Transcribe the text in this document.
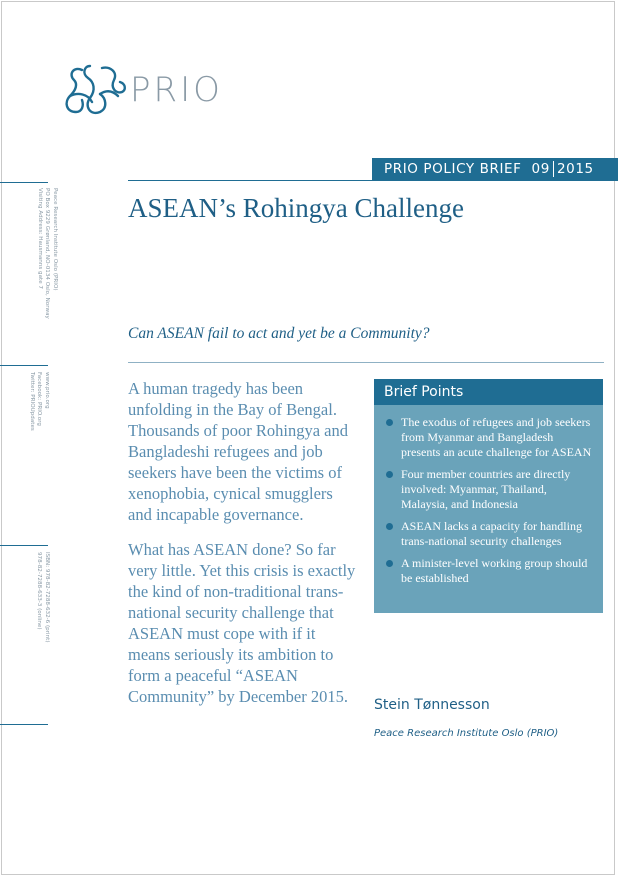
PRIO
PRIO POLICY BRIEF 09 2015
ASEAN’s Rohingya Challenge
Can ASEAN fail to act and yet be a Community?
Peace Research Institute Oslo (PRIO)
PO Box 9229 Grønland, NO-0134 Oslo, Norway
Visiting Address: Hausmanns gate 7
www.prio.org
Facebook: PRIO.org
Twitter: PRIOUpdates
ISBN: 978-82-7288-632-6 (print)
978-82-7288-633-3 (online)

A human tragedy has been unfolding in the Bay of Bengal. Thousands of poor Rohingya and Bangladeshi refugees and job seekers have been the victims of xenophobia, cynical smugglers and incapable governance.

What has ASEAN done? So far very little. Yet this crisis is exactly the kind of non-traditional trans-national security challenge that ASEAN must cope with if it means seriously its ambition to form a peaceful “ASEAN Community” by December 2015.

Brief Points
The exodus of refugees and job seekers from Myanmar and Bangladesh presents an acute challenge for ASEAN
Four member countries are directly involved: Myanmar, Thailand, Malaysia, and Indonesia
ASEAN lacks a capacity for handling trans-national security challenges
A minister-level working group should be established
Stein Tønnesson
Peace Research Institute Oslo (PRIO)
